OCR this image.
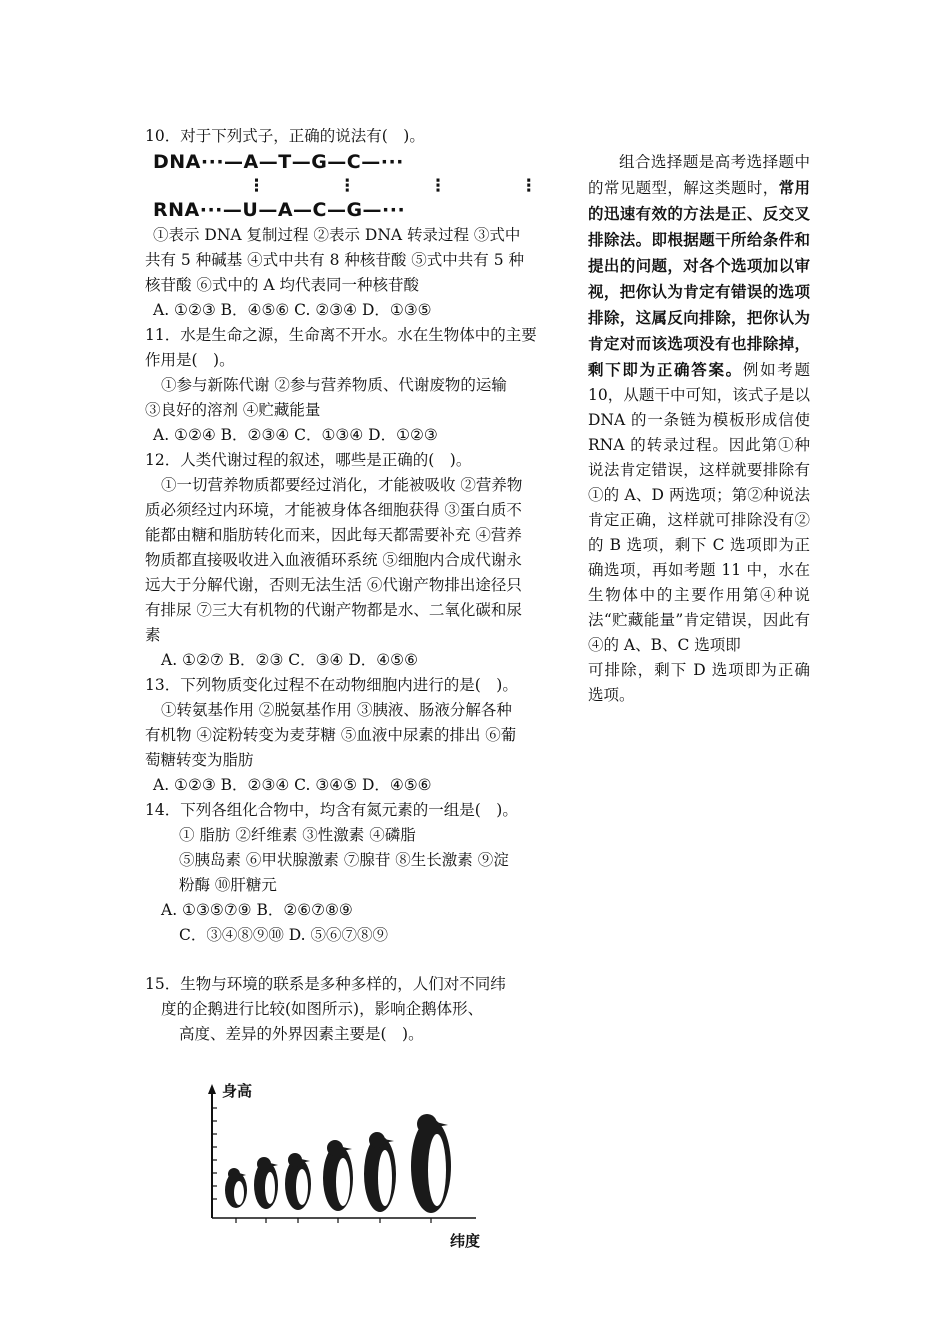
10．对于下列式子，正确的说法有(　)。

DNA···—A—T—G—C—···
⋮   ⋮   ⋮   ⋮
RNA···—U—A—C—G—···

①表示 DNA 复制过程 ②表示 DNA 转录过程 ③式中

共有 5 种碱基 ④式中共有 8 种核苷酸 ⑤式中共有 5 种

核苷酸 ⑥式中的 A 均代表同一种核苷酸

A. ①②③ B．④⑤⑥ C. ②③④ D．①③⑤

11．水是生命之源，生命离不开水。水在生物体中的主要

作用是(　)。

①参与新陈代谢 ②参与营养物质、代谢废物的运输

③良好的溶剂 ④贮藏能量

A. ①②④ B．②③④ C．①③④ D．①②③

12．人类代谢过程的叙述，哪些是正确的(　)。

①一切营养物质都要经过消化，才能被吸收 ②营养物

质必须经过内环境，才能被身体各细胞获得 ③蛋白质不

能都由糖和脂肪转化而来，因此每天都需要补充 ④营养

物质都直接吸收进入血液循环系统 ⑤细胞内合成代谢永

远大于分解代谢，否则无法生活 ⑥代谢产物排出途径只

有排尿 ⑦三大有机物的代谢产物都是水、二氧化碳和尿

素

A. ①②⑦ B．②③ C．③④ D．④⑤⑥

13．下列物质变化过程不在动物细胞内进行的是(　)。

①转氨基作用 ②脱氨基作用 ③胰液、肠液分解各种

有机物 ④淀粉转变为麦芽糖 ⑤血液中尿素的排出 ⑥葡

萄糖转变为脂肪

A. ①②③ B．②③④ C. ③④⑤ D．④⑤⑥

14．下列各组化合物中，均含有氮元素的一组是(　)。

① 脂肪 ②纤维素 ③性激素 ④磷脂

⑤胰岛素 ⑥甲状腺激素 ⑦腺苷 ⑧生长激素 ⑨淀

粉酶 ⑩肝糖元

A. ①③⑤⑦⑨ B．②⑥⑦⑧⑨

C．③④⑧⑨⑩ D. ⑤⑥⑦⑧⑨

15．生物与环境的联系是多种多样的，人们对不同纬

度的企鹅进行比较(如图所示)，影响企鹅体形、

高度、差异的外界因素主要是(　)。

组合选择题是高考选择题中的常见题型，解这类题时，常用的迅速有效的方法是正、反交叉排除法。即根据题干所给条件和提出的问题，对各个选项加以审视，把你认为肯定有错误的选项排除，这属反向排除，把你认为肯定对而该选项没有也排除掉，剩下即为正确答案。例如考题 10，从题干中可知，该式子是以 DNA 的一条链为模板形成信使 RNA 的转录过程。因此第①种说法肯定错误，这样就要排除有①的 A、D 两选项；第②种说法肯定正确，这样就可排除没有②的 B 选项，剩下 C 选项即为正确选项，再如考题 11 中，水在生物体中的主要作用第④种说法“贮藏能量”肯定错误，因此有④的 A、B、C 选项即

可排除，剩下 D 选项即为正确选项。

身高
纬度
